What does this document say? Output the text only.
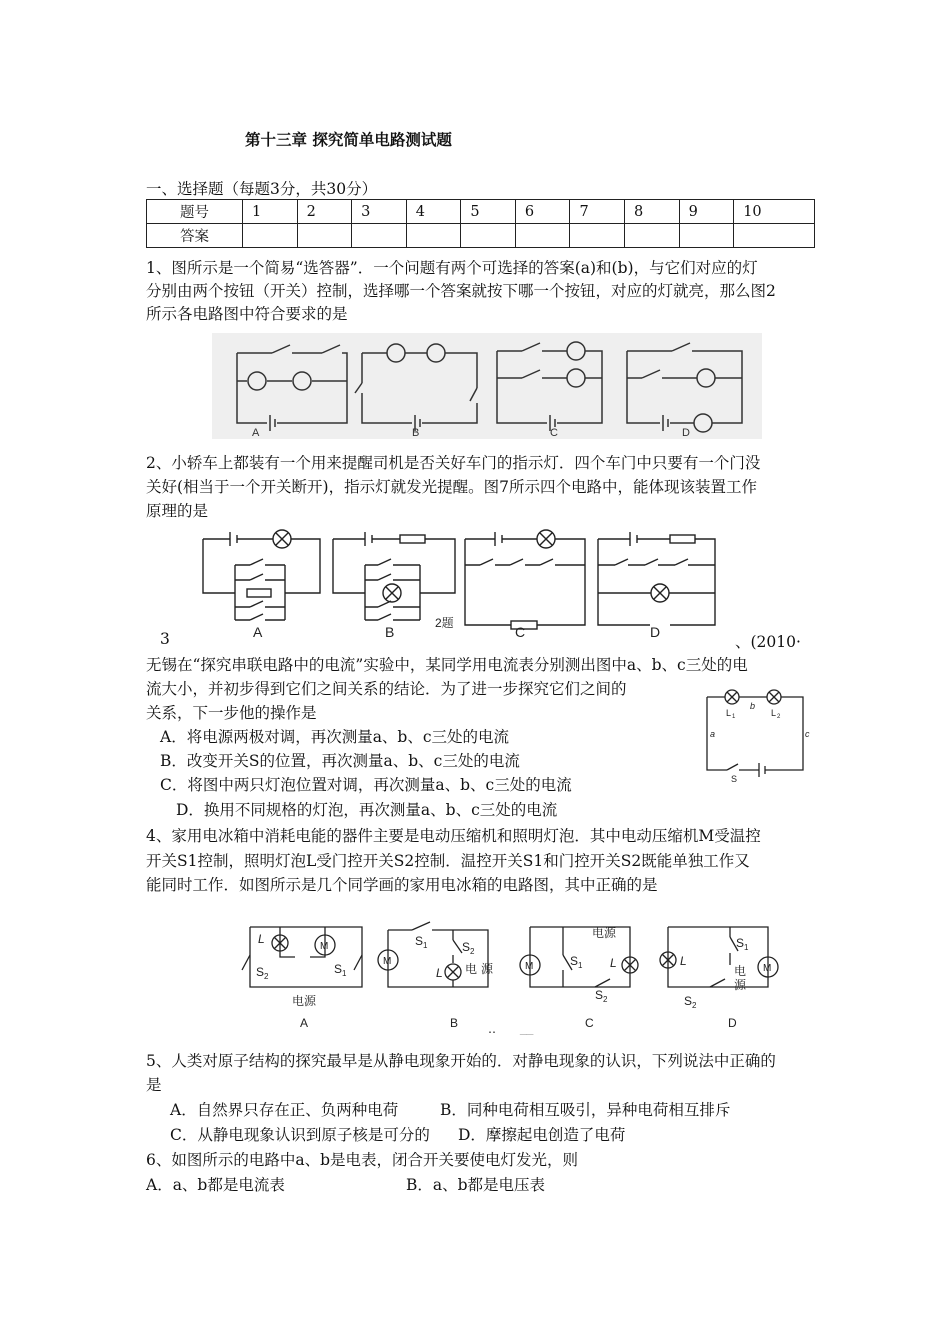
第十三章 探究简单电路测试题
一、选择题（每题3分，共30分）
题号	1	2	3	4	5	6	7	8	9	10
答案										
1、图所示是一个简易“选答器”．一个问题有两个可选择的答案(a)和(b)，与它们对应的灯
分别由两个按钮（开关）控制，选择哪一个答案就按下哪一个按钮，对应的灯就亮，那么图2
所示各电路图中符合要求的是
A	B	C	D
2、小轿车上都装有一个用来提醒司机是否关好车门的指示灯．四个车门中只要有一个门没
关好(相当于一个开关断开)，指示灯就发光提醒。图7所示四个电路中，能体现该装置工作
原理的是
A	B	C	D
2题
3	、(2010·
无锡在“探究串联电路中的电流”实验中，某同学用电流表分别测出图中a、b、c三处的电
流大小，并初步得到它们之间关系的结论．为了进一步探究它们之间的
关系，下一步他的操作是
A．将电源两极对调，再次测量a、b、c三处的电流
B．改变开关S的位置，再次测量a、b、c三处的电流
C．将图中两只灯泡位置对调，再次测量a、b、c三处的电流
D．换用不同规格的灯泡，再次测量a、b、c三处的电流
L 1	L 2
b
a	c
S
4、家用电冰箱中消耗电能的器件主要是电动压缩机和照明灯泡．其中电动压缩机M受温控
开关S1控制，照明灯泡L受门控开关S2控制．温控开关S1和门控开关S2既能单独工作又
能同时工作．如图所示是几个同学画的家用电冰箱的电路图，其中正确的是
L
M
S 2
S 1
电源
A
S 1
M
S 2
L 电 源
B ‥ __
电源
M	S 1 L
S 2
C
L
S 1
M
电
源
S 2
D
5、人类对原子结构的探究最早是从静电现象开始的．对静电现象的认识，下列说法中正确的
是
A．自然界只存在正、负两种电荷	B．同种电荷相互吸引，异种电荷相互排斥
C．从静电现象认识到原子核是可分的 D．摩擦起电创造了电荷
6、如图所示的电路中a、b是电表，闭合开关要使电灯发光，则
A．a、b都是电流表	B．a、b都是电压表
